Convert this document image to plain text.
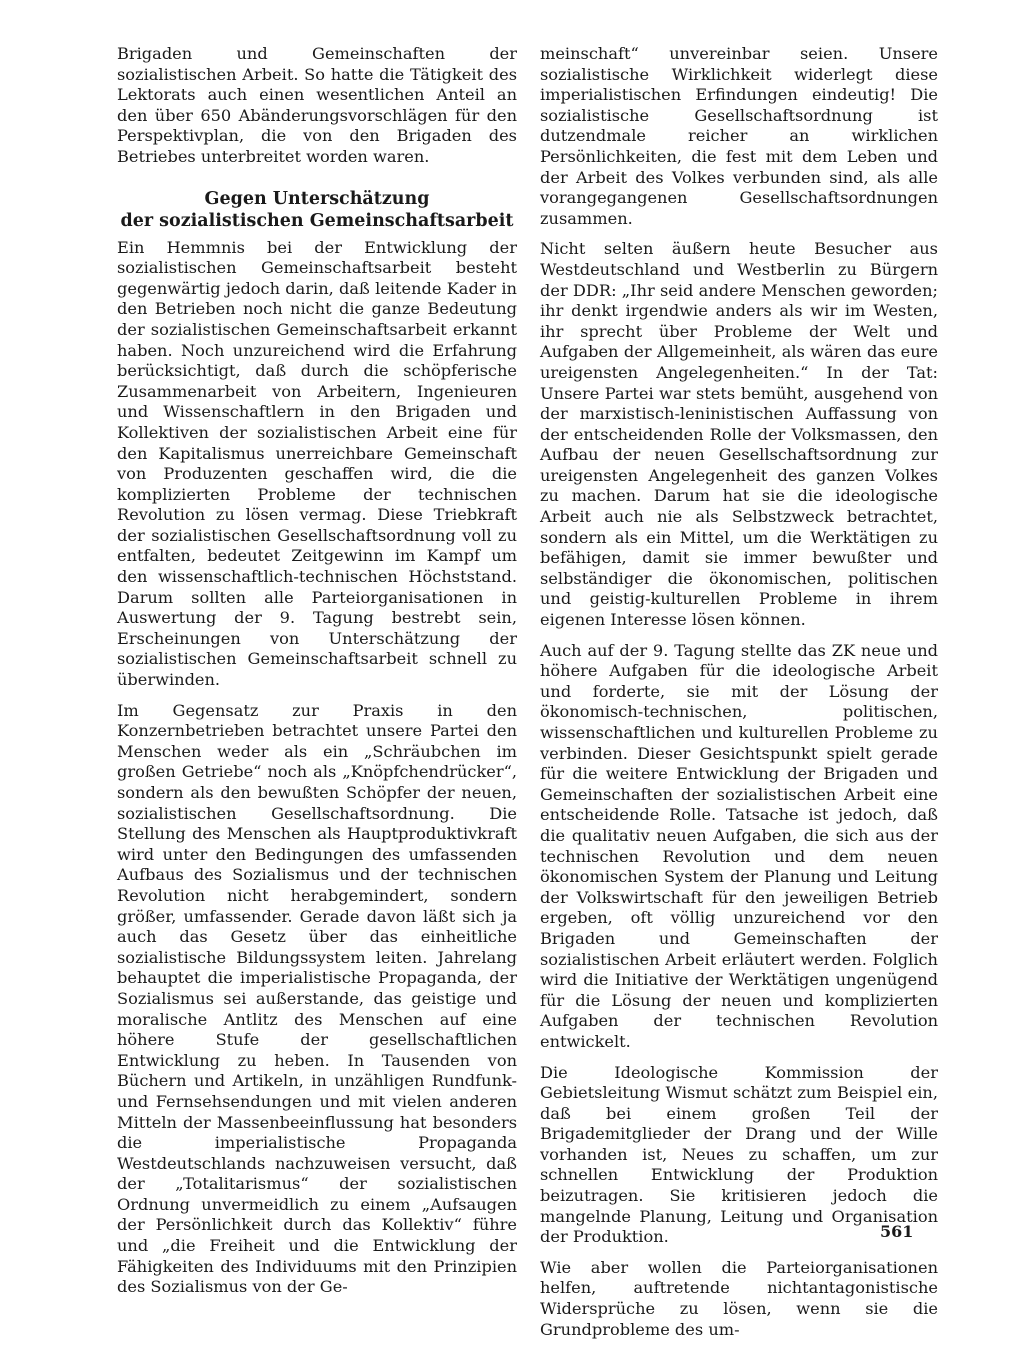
Brigaden und Gemeinschaften der sozialistischen Arbeit. So hatte die Tätigkeit des Lektorats auch einen wesentlichen Anteil an den über 650 Abänderungsvorschlägen für den Perspektivplan, die von den Brigaden des Betriebes unterbreitet worden waren.

Gegen Unterschätzung
der sozialistischen Gemeinschaftsarbeit

Ein Hemmnis bei der Entwicklung der sozialistischen Gemeinschaftsarbeit besteht gegenwärtig jedoch darin, daß leitende Kader in den Betrieben noch nicht die ganze Bedeutung der sozialistischen Gemeinschaftsarbeit erkannt haben. Noch unzureichend wird die Erfahrung berücksichtigt, daß durch die schöpferische Zusammenarbeit von Arbeitern, Ingenieuren und Wissenschaftlern in den Brigaden und Kollektiven der sozialistischen Arbeit eine für den Kapitalismus unerreichbare Gemeinschaft von Produzenten geschaffen wird, die die komplizierten Probleme der technischen Revolution zu lösen vermag. Diese Triebkraft der sozialistischen Gesellschaftsordnung voll zu entfalten, bedeutet Zeitgewinn im Kampf um den wissenschaftlich-technischen Höchststand. Darum sollten alle Parteiorganisationen in Auswertung der 9. Tagung bestrebt sein, Erscheinungen von Unterschätzung der sozialistischen Gemeinschaftsarbeit schnell zu überwinden.

Im Gegensatz zur Praxis in den Konzernbetrieben betrachtet unsere Partei den Menschen weder als ein „Schräubchen im großen Getriebe“ noch als „Knöpfchendrücker“, sondern als den bewußten Schöpfer der neuen, sozialistischen Gesellschaftsordnung. Die Stellung des Menschen als Hauptproduktivkraft wird unter den Bedingungen des umfassenden Aufbaus des Sozialismus und der technischen Revolution nicht herabgemindert, sondern größer, umfassender. Gerade davon läßt sich ja auch das Gesetz über das einheitliche sozialistische Bildungssystem leiten. Jahrelang behauptet die imperialistische Propaganda, der Sozialismus sei außerstande, das geistige und moralische Antlitz des Menschen auf eine höhere Stufe der gesellschaftlichen Entwicklung zu heben. In Tausenden von Büchern und Artikeln, in unzähligen Rundfunk- und Fernsehsendungen und mit vielen anderen Mitteln der Massenbeeinflussung hat besonders die imperialistische Propaganda Westdeutschlands nachzuweisen versucht, daß der „Totalitarismus“ der sozialistischen Ordnung unvermeidlich zu einem „Aufsaugen der Persönlichkeit durch das Kollektiv“ führe und „die Freiheit und die Entwicklung der Fähigkeiten des Individuums mit den Prinzipien des Sozialismus von der Ge-

meinschaft“ unvereinbar seien. Unsere sozialistische Wirklichkeit widerlegt diese imperialistischen Erfindungen eindeutig! Die sozialistische Gesellschaftsordnung ist dutzendmale reicher an wirklichen Persönlichkeiten, die fest mit dem Leben und der Arbeit des Volkes verbunden sind, als alle vorangegangenen Gesellschaftsordnungen zusammen.

Nicht selten äußern heute Besucher aus Westdeutschland und Westberlin zu Bürgern der DDR: „Ihr seid andere Menschen geworden; ihr denkt irgendwie anders als wir im Westen, ihr sprecht über Probleme der Welt und Aufgaben der Allgemeinheit, als wären das eure ureigensten Angelegenheiten.“ In der Tat: Unsere Partei war stets bemüht, ausgehend von der marxistisch-leninistischen Auffassung von der entscheidenden Rolle der Volksmassen, den Aufbau der neuen Gesellschaftsordnung zur ureigensten Angelegenheit des ganzen Volkes zu machen. Darum hat sie die ideologische Arbeit auch nie als Selbstzweck betrachtet, sondern als ein Mittel, um die Werktätigen zu befähigen, damit sie immer bewußter und selbständiger die ökonomischen, politischen und geistig-kulturellen Probleme in ihrem eigenen Interesse lösen können.

Auch auf der 9. Tagung stellte das ZK neue und höhere Aufgaben für die ideologische Arbeit und forderte, sie mit der Lösung der ökonomisch-technischen, politischen, wissenschaftlichen und kulturellen Probleme zu verbinden. Dieser Gesichtspunkt spielt gerade für die weitere Entwicklung der Brigaden und Gemeinschaften der sozialistischen Arbeit eine entscheidende Rolle. Tatsache ist jedoch, daß die qualitativ neuen Aufgaben, die sich aus der technischen Revolution und dem neuen ökonomischen System der Planung und Leitung der Volkswirtschaft für den jeweiligen Betrieb ergeben, oft völlig unzureichend vor den Brigaden und Gemeinschaften der sozialistischen Arbeit erläutert werden. Folglich wird die Initiative der Werktätigen ungenügend für die Lösung der neuen und komplizierten Aufgaben der technischen Revolution entwickelt.

Die Ideologische Kommission der Gebietsleitung Wismut schätzt zum Beispiel ein, daß bei einem großen Teil der Brigademitglieder der Drang und der Wille vorhanden ist, Neues zu schaffen, um zur schnellen Entwicklung der Produktion beizutragen. Sie kritisieren jedoch die mangelnde Planung, Leitung und Organisation der Produktion.

Wie aber wollen die Parteiorganisationen helfen, auftretende nichtantagonistische Widersprüche zu lösen, wenn sie die Grundprobleme des um-

561
